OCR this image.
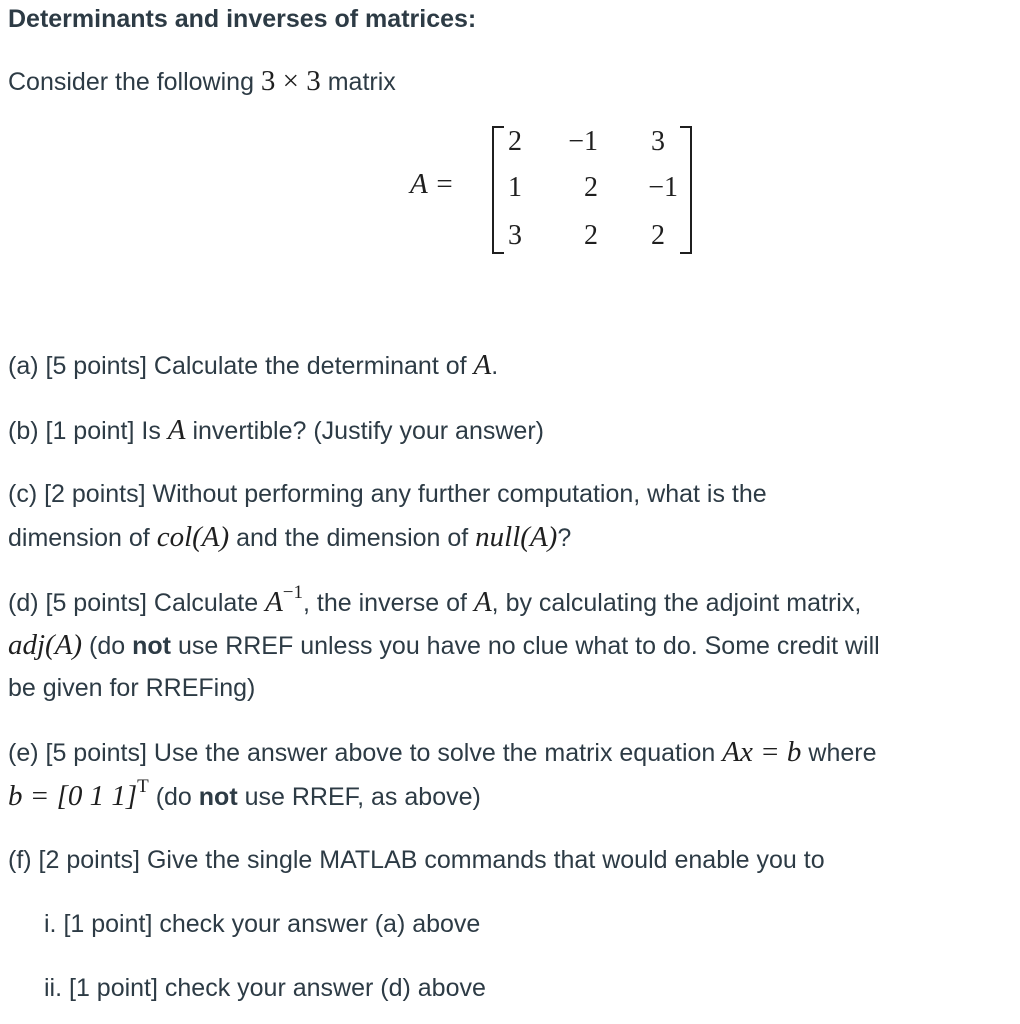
Determinants and inverses of matrices:
Consider the following 3 × 3 matrix
A =
2	−1	3
1	2	−1
3	2	2
(a) [5 points] Calculate the determinant of A.
(b) [1 point] Is A invertible? (Justify your answer)
(c) [2 points] Without performing any further computation, what is the
dimension of col(A) and the dimension of null(A)?
(d) [5 points] Calculate $A^{-1}$, the inverse of A, by calculating the adjoint matrix,
adj(A) (do not use RREF unless you have no clue what to do. Some credit will
be given for RREFing)
(e) [5 points] Use the answer above to solve the matrix equation Ax = b where
b = [0 1 1]$^T$ (do not use RREF, as above)
(f) [2 points] Give the single MATLAB commands that would enable you to
i. [1 point] check your answer (a) above
ii. [1 point] check your answer (d) above
